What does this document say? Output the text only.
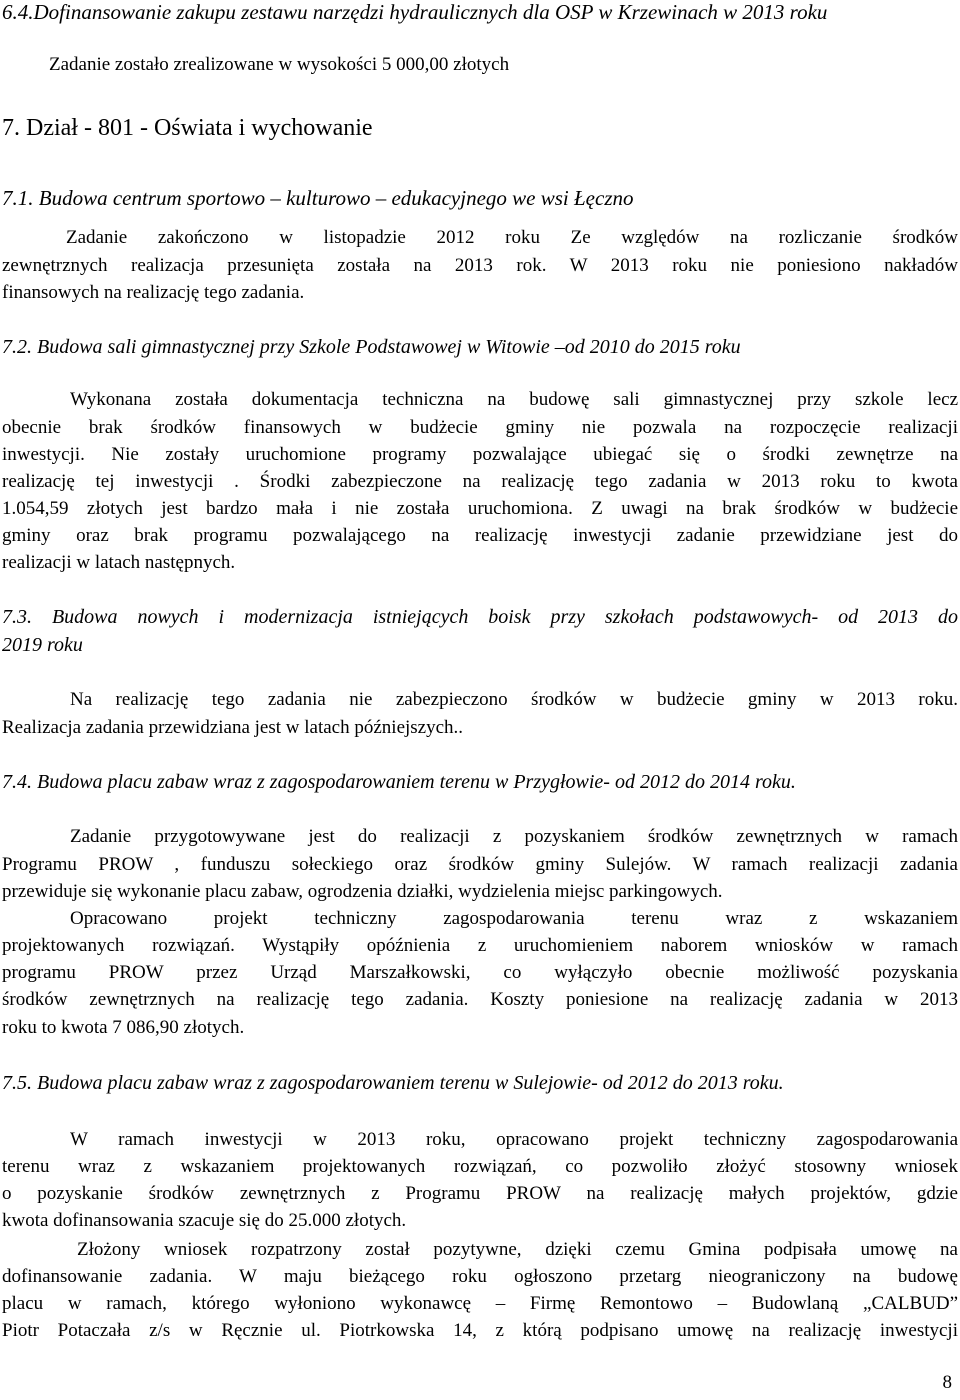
6.4.Dofinansowanie zakupu zestawu narzędzi hydraulicznych dla OSP w Krzewinach w 2013 roku
Zadanie zostało zrealizowane w wysokości 5 000,00 złotych
7. Dział - 801 - Oświata i wychowanie
7.1. Budowa centrum sportowo – kulturowo – edukacyjnego we wsi Łęczno
Zadanie zakończono w listopadzie 2012 roku Ze względów na rozliczanie środków
zewnętrznych realizacja przesunięta została na 2013 rok. W 2013 roku nie poniesiono nakładów
finansowych na realizację tego zadania.
7.2. Budowa sali gimnastycznej przy Szkole Podstawowej w Witowie –od 2010 do 2015 roku
Wykonana została dokumentacja techniczna na budowę sali gimnastycznej przy szkole lecz
obecnie brak środków finansowych w budżecie gminy nie pozwala na rozpoczęcie realizacji
inwestycji. Nie zostały uruchomione programy pozwalające ubiegać się o środki zewnętrze na
realizację tej inwestycji . Środki zabezpieczone na realizację tego zadania w 2013 roku to kwota
1.054,59 złotych jest bardzo mała i nie została uruchomiona. Z uwagi na brak środków w budżecie
gminy oraz brak programu pozwalającego na realizację inwestycji zadanie przewidziane jest do
realizacji w latach następnych.
7.3. Budowa nowych i modernizacja istniejących boisk przy szkołach podstawowych- od 2013 do
2019 roku
Na realizację tego zadania nie zabezpieczono środków w budżecie gminy w 2013 roku.
Realizacja zadania przewidziana jest w latach późniejszych..
7.4. Budowa placu zabaw wraz z zagospodarowaniem terenu w Przygłowie- od 2012 do 2014 roku.
Zadanie przygotowywane jest do realizacji z pozyskaniem środków zewnętrznych w ramach
Programu PROW , funduszu sołeckiego oraz środków gminy Sulejów. W ramach realizacji zadania
przewiduje się wykonanie placu zabaw, ogrodzenia działki, wydzielenia miejsc parkingowych.
Opracowano projekt techniczny zagospodarowania terenu wraz z wskazaniem
projektowanych rozwiązań. Wystąpiły opóźnienia z uruchomieniem naborem wniosków w ramach
programu PROW przez Urząd Marszałkowski, co wyłączyło obecnie możliwość pozyskania
środków zewnętrznych na realizację tego zadania. Koszty poniesione na realizację zadania w 2013
roku to kwota 7 086,90 złotych.
7.5. Budowa placu zabaw wraz z zagospodarowaniem terenu w Sulejowie- od 2012 do 2013 roku.
W ramach inwestycji w 2013 roku, opracowano projekt techniczny zagospodarowania
terenu wraz z wskazaniem projektowanych rozwiązań, co pozwoliło złożyć stosowny wniosek
o pozyskanie środków zewnętrznych z Programu PROW na realizację małych projektów, gdzie
kwota dofinansowania szacuje się do 25.000 złotych.
Złożony wniosek rozpatrzony został pozytywne, dzięki czemu Gmina podpisała umowę na
dofinansowanie zadania. W maju bieżącego roku ogłoszono przetarg nieograniczony na budowę
placu w ramach, którego wyłoniono wykonawcę – Firmę Remontowo – Budowlaną „CALBUD”
Piotr Potaczała z/s w Ręcznie ul. Piotrkowska 14, z którą podpisano umowę na realizację inwestycji
8
